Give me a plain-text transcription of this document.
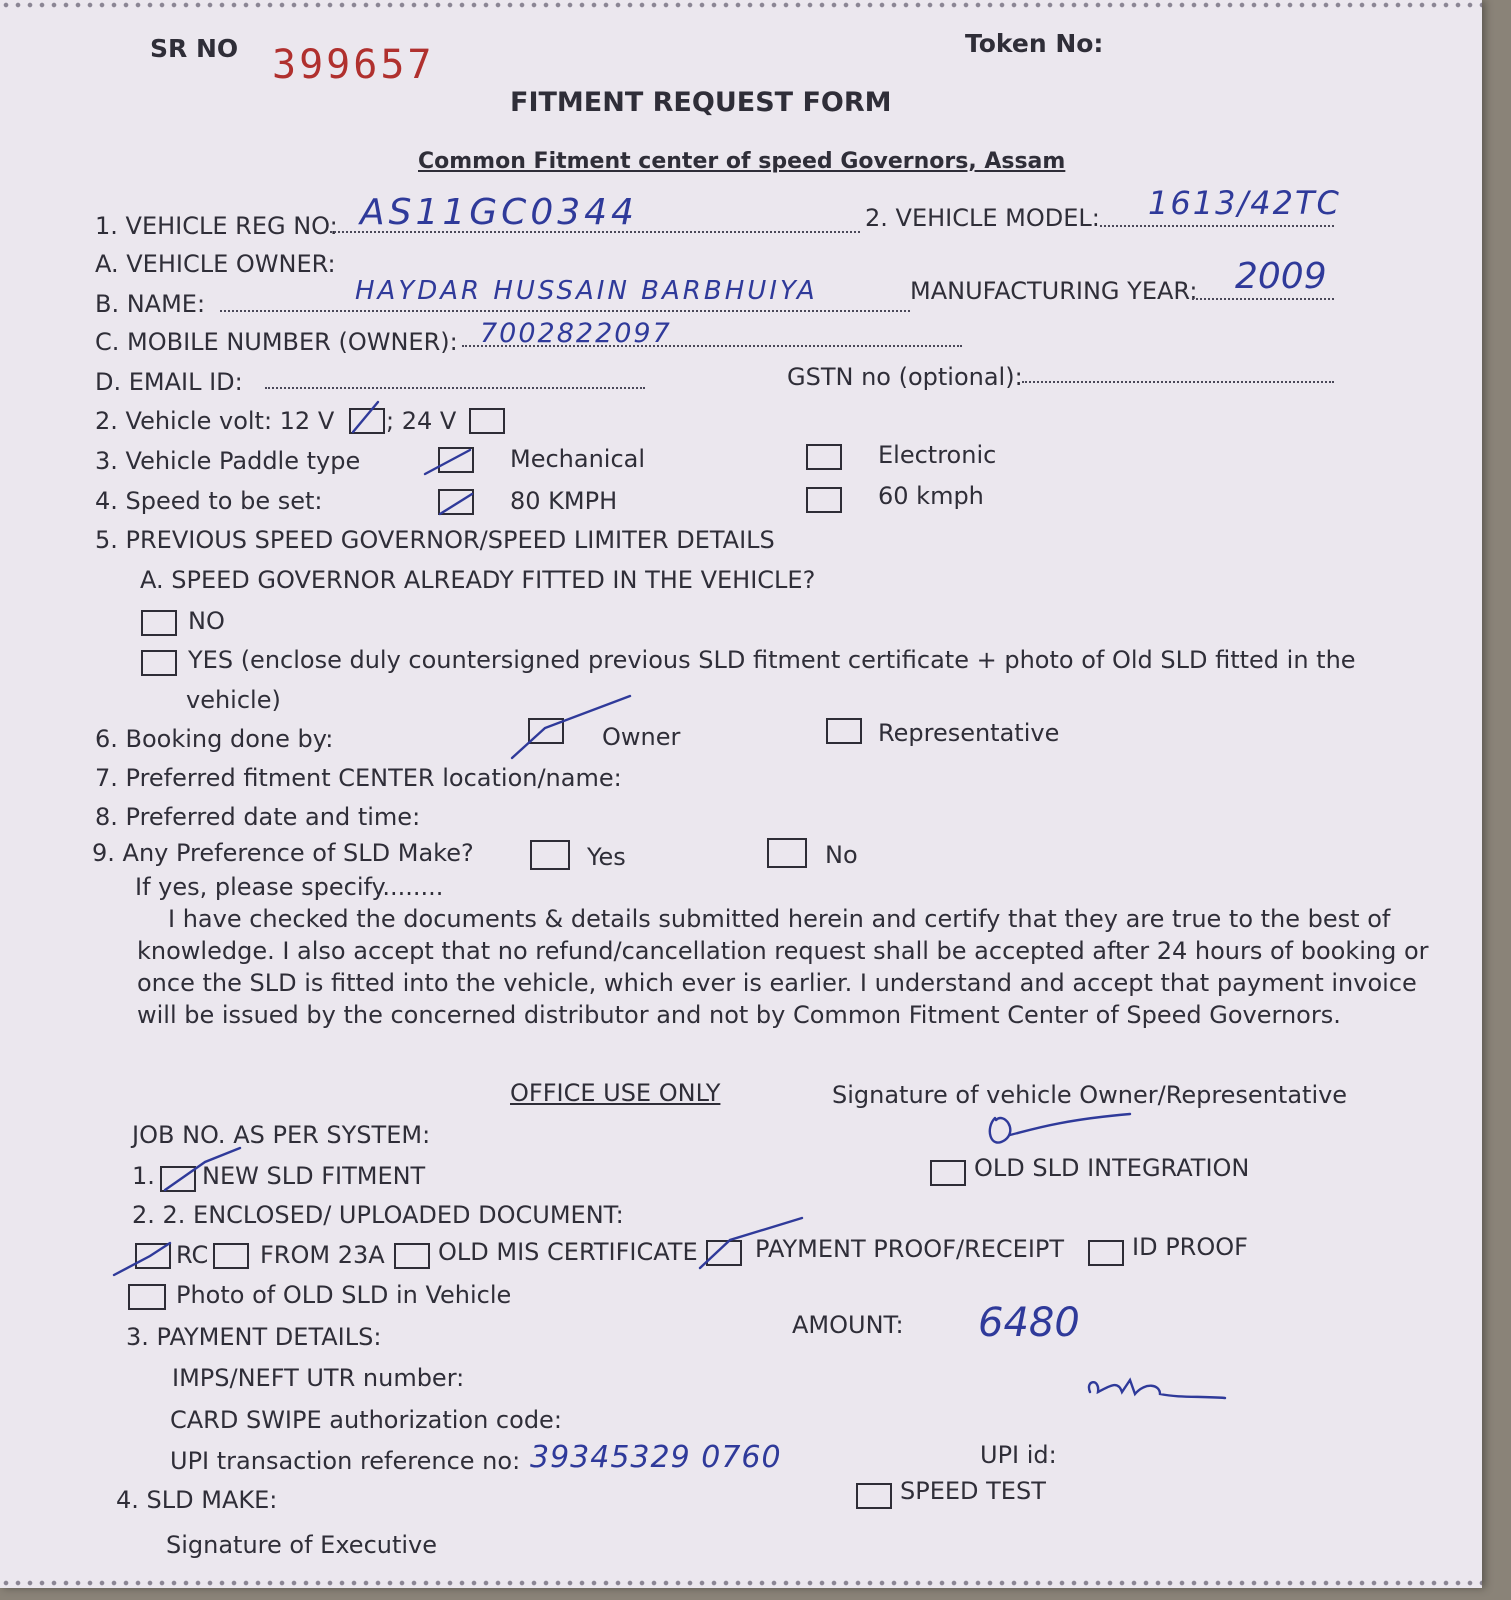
SR NO 399657	Token No:
FITMENT REQUEST FORM
Common Fitment center of speed Governors, Assam
1. VEHICLE REG NO: AS11GC0344	2. VEHICLE MODEL: 1613/42TC
A. VEHICLE OWNER:
B. NAME:	HAYDAR HUSSAIN BARBHUIYA	MANUFACTURING YEAR: 2009
C. MOBILE NUMBER (OWNER): 7002822097
D. EMAIL ID:	GSTN no (optional):
2. Vehicle volt: 12 V ; 24 V
3. Vehicle Paddle type	Mechanical	Electronic
4. Speed to be set:	80 KMPH	60 kmph
5. PREVIOUS SPEED GOVERNOR/SPEED LIMITER DETAILS
A. SPEED GOVERNOR ALREADY FITTED IN THE VEHICLE?
NO
YES (enclose duly countersigned previous SLD fitment certificate + photo of Old SLD fitted in the
vehicle)
6. Booking done by:	Owner	Representative
7. Preferred fitment CENTER location/name:
8. Preferred date and time:
9. Any Preference of SLD Make?	Yes	No
If yes, please specify........
I have checked the documents & details submitted herein and certify that they are true to the best of
knowledge. I also accept that no refund/cancellation request shall be accepted after 24 hours of booking or
once the SLD is fitted into the vehicle, which ever is earlier. I understand and accept that payment invoice
will be issued by the concerned distributor and not by Common Fitment Center of Speed Governors.
OFFICE USE ONLY	Signature of vehicle Owner/Representative
JOB NO. AS PER SYSTEM:
1. NEW SLD FITMENT	OLD SLD INTEGRATION
2. 2. ENCLOSED/ UPLOADED DOCUMENT:
RC FROM 23A OLD MIS CERTIFICATE PAYMENT PROOF/RECEIPT	ID PROOF
Photo of OLD SLD in Vehicle
3. PAYMENT DETAILS:	AMOUNT: 6480
IMPS/NEFT UTR number:
CARD SWIPE authorization code:
UPI transaction reference no: 39345329 0760	UPI id:
4. SLD MAKE:	SPEED TEST
Signature of Executive
